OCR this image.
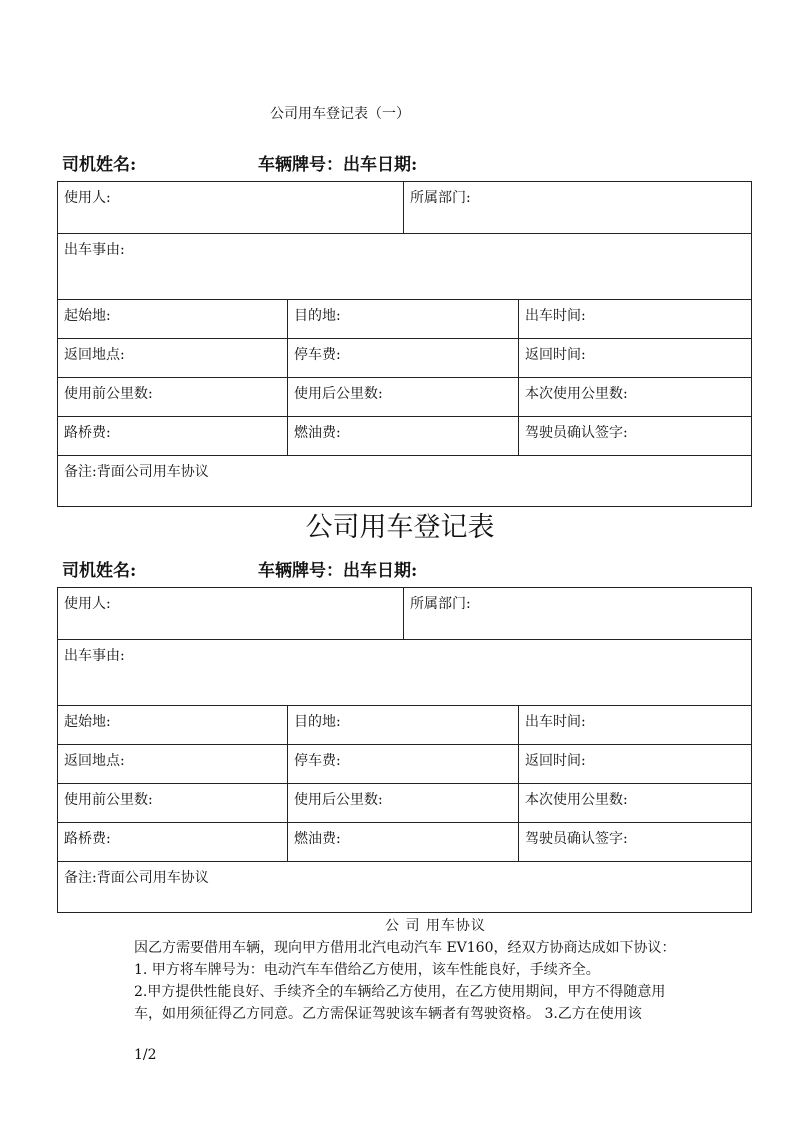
公司用车登记表（一）
司机姓名:	车辆牌号：出车日期:
使用人:		所属部门:	
出车事由:			
起始地:	目的地:		出车时间:
返回地点:	停车费:		返回时间:
使用前公里数:	使用后公里数:		本次使用公里数:
路桥费:	燃油费:		驾驶员确认签字:
备注:背面公司用车协议			
公司用车登记表
司机姓名:	车辆牌号：出车日期:
使用人:		所属部门:	
出车事由:			
起始地:	目的地:		出车时间:
返回地点:	停车费:		返回时间:
使用前公里数:	使用后公里数:		本次使用公里数:
路桥费:	燃油费:		驾驶员确认签字:
备注:背面公司用车协议			
公 司 用车协议
因乙方需要借用车辆，现向甲方借用北汽电动汽车 EV160，经双方协商达成如下协议：
1. 甲方将车牌号为：电动汽车车借给乙方使用，该车性能良好，手续齐全。
2.甲方提供性能良好、手续齐全的车辆给乙方使用，在乙方使用期间，甲方不得随意用
车，如用须征得乙方同意。乙方需保证驾驶该车辆者有驾驶资格。 3.乙方在使用该
1/2
